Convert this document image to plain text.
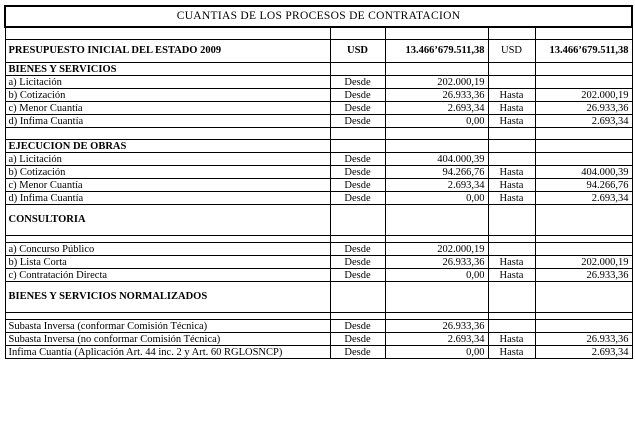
CUANTIAS DE LOS PROCESOS DE CONTRATACION				

PRESUPUESTO INICIAL DEL ESTADO 2009	USD	13.466’679.511,38	USD	13.466’679.511,38
BIENES Y SERVICIOS				
a) Licitación	Desde	202.000,19		
b) Cotización	Desde	26.933,36	Hasta	202.000,19
c) Menor Cuantía	Desde	2.693,34	Hasta	26.933,36
d) Infima Cuantía	Desde	0,00	Hasta	2.693,34

EJECUCION DE OBRAS				
a) Licitación	Desde	404.000,39		
b) Cotización	Desde	94.266,76	Hasta	404.000,39
c) Menor Cuantía	Desde	2.693,34	Hasta	94.266,76
d) Infima Cuantía	Desde	0,00	Hasta	2.693,34
CONSULTORIA				

a) Concurso Público	Desde	202.000,19		
b) Lista Corta	Desde	26.933,36	Hasta	202.000,19
c) Contratación Directa	Desde	0,00	Hasta	26.933,36
BIENES Y SERVICIOS NORMALIZADOS				

Subasta Inversa (conformar Comisión Técnica)	Desde	26.933,36		
Subasta Inversa (no conformar Comisión Técnica)	Desde	2.693,34	Hasta	26.933,36
Infima Cuantía (Aplicación Art. 44 inc. 2 y Art. 60 RGLOSNCP)	Desde	0,00	Hasta	2.693,34
